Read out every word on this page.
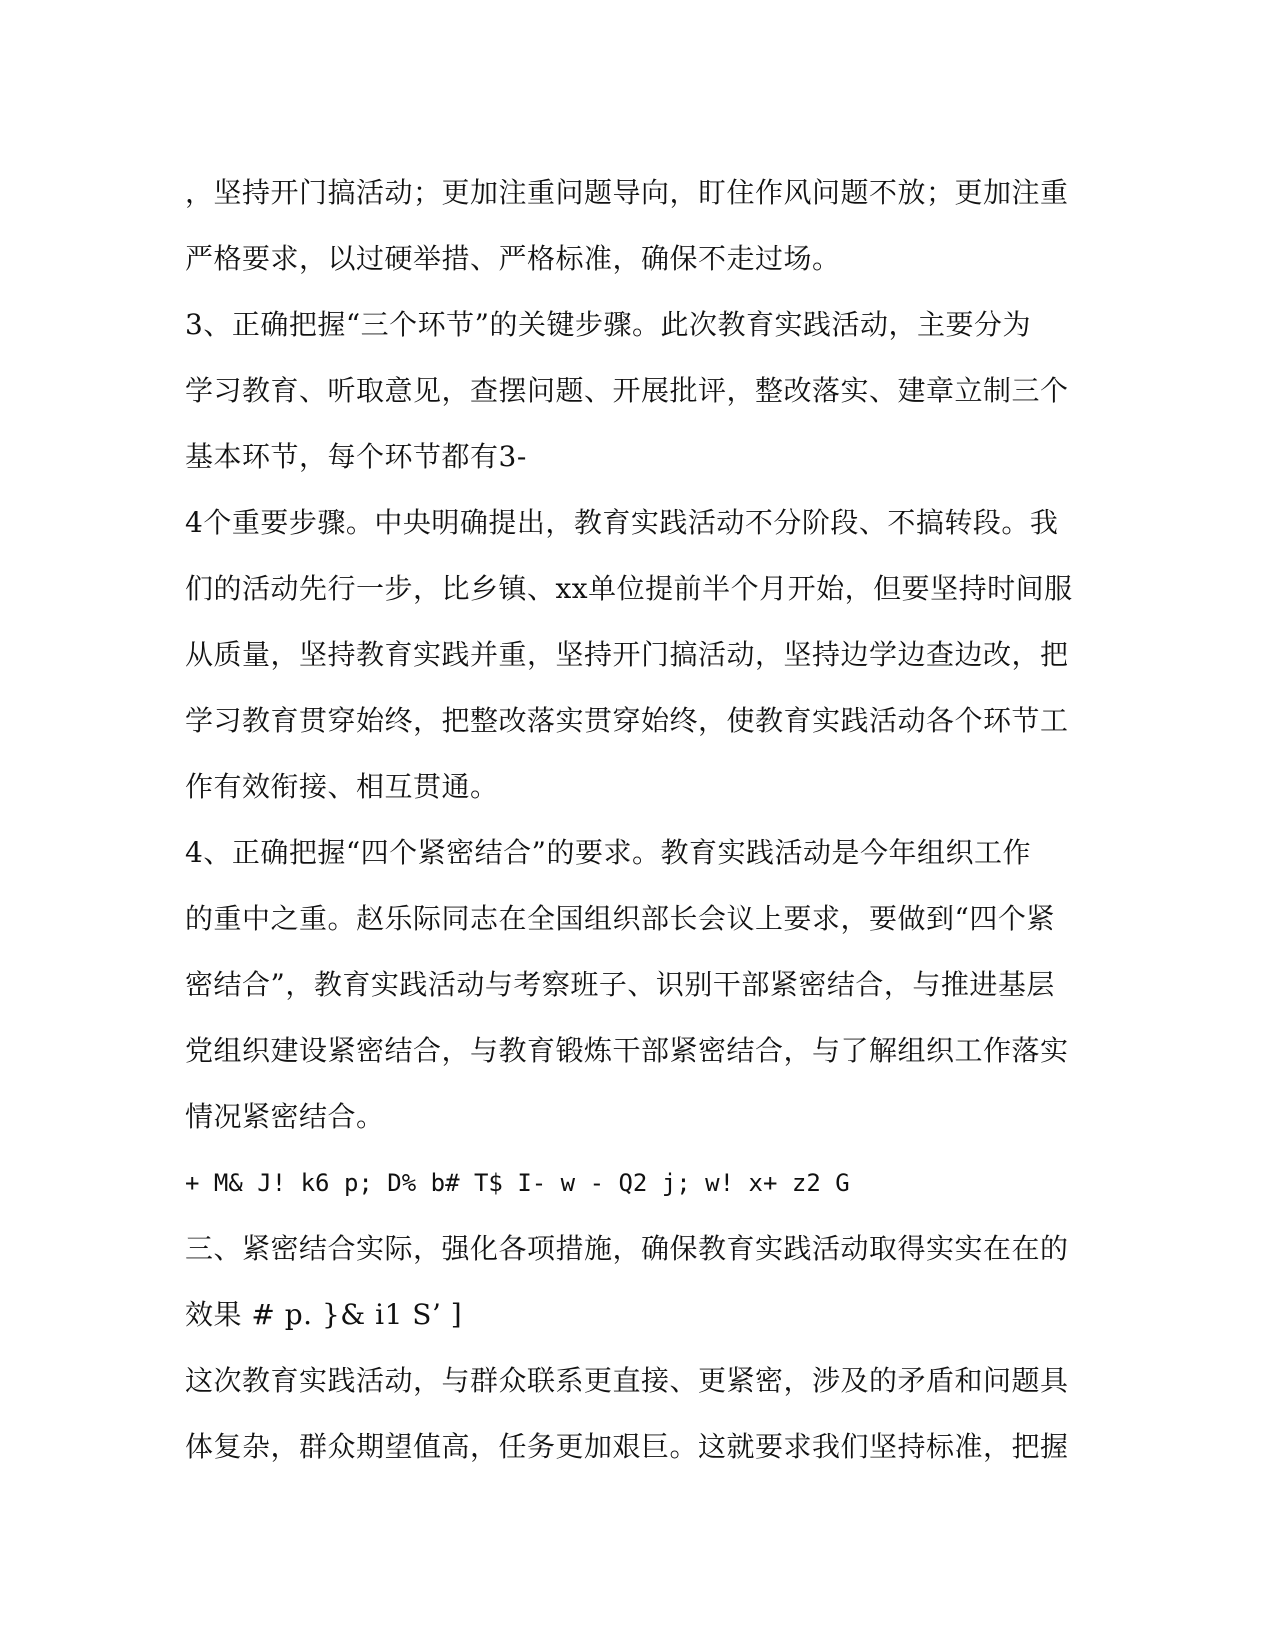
，坚持开门搞活动；更加注重问题导向，盯住作风问题不放；更加注重
严格要求，以过硬举措、严格标准，确保不走过场。
3、正确把握“三个环节”的关键步骤。此次教育实践活动，主要分为
学习教育、听取意见，查摆问题、开展批评，整改落实、建章立制三个
基本环节，每个环节都有3-
4个重要步骤。中央明确提出，教育实践活动不分阶段、不搞转段。我
们的活动先行一步，比乡镇、xx单位提前半个月开始，但要坚持时间服
从质量，坚持教育实践并重，坚持开门搞活动，坚持边学边查边改，把
学习教育贯穿始终，把整改落实贯穿始终，使教育实践活动各个环节工
作有效衔接、相互贯通。
4、正确把握“四个紧密结合”的要求。教育实践活动是今年组织工作
的重中之重。赵乐际同志在全国组织部长会议上要求，要做到“四个紧
密结合”，教育实践活动与考察班子、识别干部紧密结合，与推进基层
党组织建设紧密结合，与教育锻炼干部紧密结合，与了解组织工作落实
情况紧密结合。
+ M& J! k6 p; D% b# T$ I- w - Q2 j; w! x+ z2 G
三、紧密结合实际，强化各项措施，确保教育实践活动取得实实在在的
效果 # p. }& i1 S’ ]
这次教育实践活动，与群众联系更直接、更紧密，涉及的矛盾和问题具
体复杂，群众期望值高，任务更加艰巨。这就要求我们坚持标准，把握
